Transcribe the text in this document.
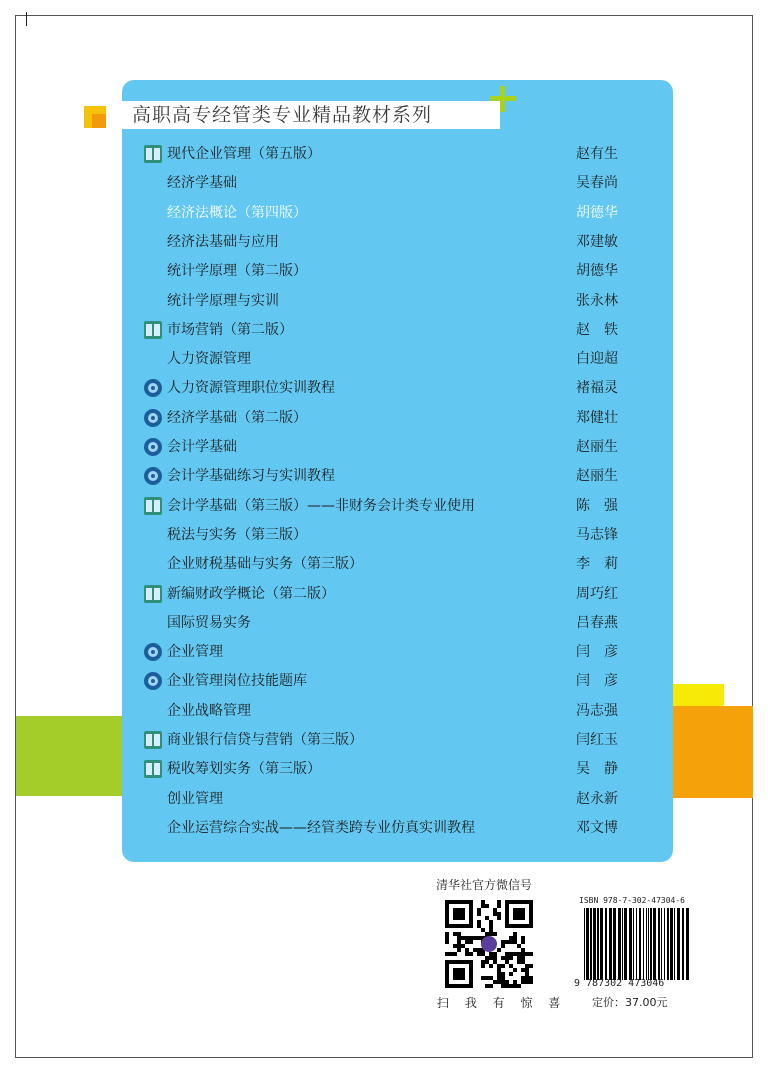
高职高专经管类专业精品教材系列
现代企业管理（第五版）	赵有生
经济学基础	吴春尚
经济法概论（第四版）	胡德华
经济法基础与应用	邓建敏
统计学原理（第二版）	胡德华
统计学原理与实训	张永林
市场营销（第二版）	赵　轶
人力资源管理	白迎超
人力资源管理职位实训教程	褚福灵
经济学基础（第二版）	郑健壮
会计学基础	赵丽生
会计学基础练习与实训教程	赵丽生
会计学基础（第三版）——非财务会计类专业使用	陈　强
税法与实务（第三版）	马志锋
企业财税基础与实务（第三版）	李　莉
新编财政学概论（第二版）	周巧红
国际贸易实务	吕春燕
企业管理	闫　彦
企业管理岗位技能题库	闫　彦
企业战略管理	冯志强
商业银行信贷与营销（第三版）	闫红玉
税收筹划实务（第三版）	吴　静
创业管理	赵永新
企业运营综合实战——经管类跨专业仿真实训教程	邓文博
清华社官方微信号
扫 我 有 惊 喜
ISBN 978-7-302-47304-6
9 787302 473046
定价：37.00元
